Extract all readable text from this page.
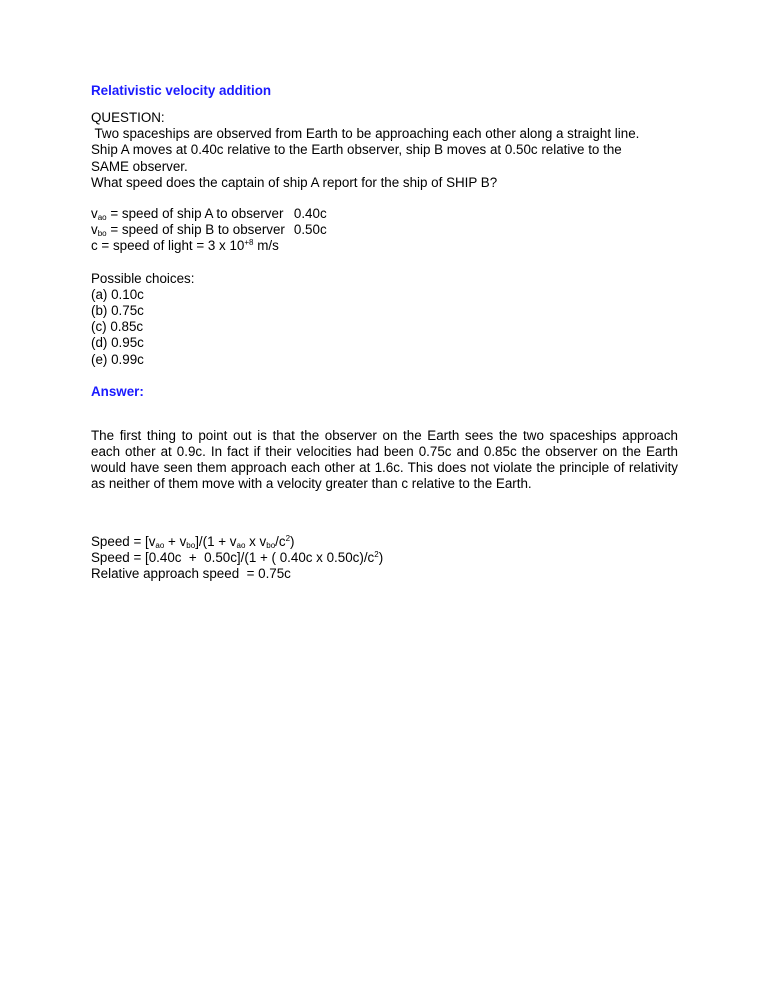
Relativistic velocity addition
QUESTION:
Two spaceships are observed from Earth to be approaching each other along a straight line.
Ship A moves at 0.40c relative to the Earth observer, ship B moves at 0.50c relative to the
SAME observer.
What speed does the captain of ship A report for the ship of SHIP B?
$v_{ao}$ = speed of ship A to observer	0.40c
$v_{bo}$ = speed of ship B to observer	0.50c
c = speed of light = 3 x $10^{+8}$ m/s	
Possible choices:
(a) 0.10c
(b) 0.75c
(c) 0.85c
(d) 0.95c
(e) 0.99c
Answer:
The first thing to point out is that the observer on the Earth sees the two spaceships approach each other at 0.9c. In fact if their velocities had been 0.75c and 0.85c the observer on the Earth would have seen them approach each other at 1.6c. This does not violate the principle of relativity as neither of them move with a velocity greater than c relative to the Earth.
Speed = $[v_{ao} + v_{bo}]/(1 + v_{ao}$ x $v_{bo}/c^2$)
Speed = [0.40c  +  0.50c]/(1 + ( 0.40c x $0.50c)/c^2$)
Relative approach speed  = 0.75c
